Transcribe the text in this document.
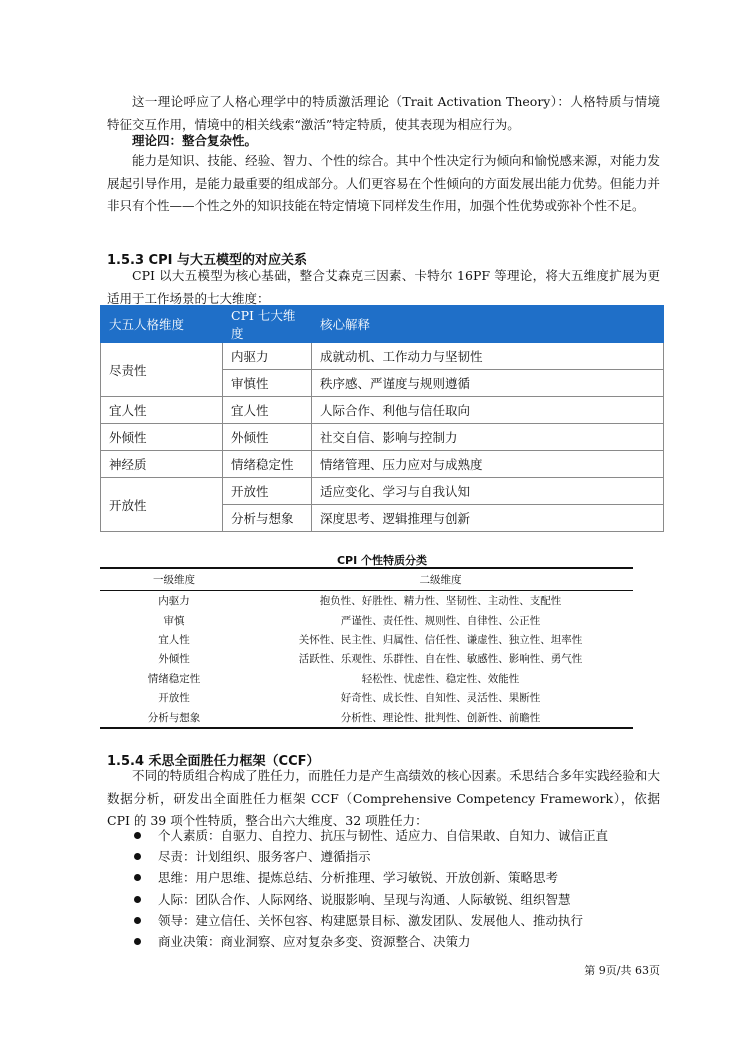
这一理论呼应了人格心理学中的特质激活理论（Trait Activation Theory）：人格特质与情境特征交互作用，情境中的相关线索“激活”特定特质，使其表现为相应行为。

理论四：整合复杂性。

能力是知识、技能、经验、智力、个性的综合。其中个性决定行为倾向和愉悦感来源，对能力发展起引导作用，是能力最重要的组成部分。人们更容易在个性倾向的方面发展出能力优势。但能力并非只有个性——个性之外的知识技能在特定情境下同样发生作用，加强个性优势或弥补个性不足。

1.5.3 CPI 与大五模型的对应关系

CPI 以大五模型为核心基础，整合艾森克三因素、卡特尔 16PF 等理论，将大五维度扩展为更适用于工作场景的七大维度：

大五人格维度	CPI 七大维度	核心解释
尽责性	内驱力	成就动机、工作动力与坚韧性
	审慎性	秩序感、严谨度与规则遵循
宜人性	宜人性	人际合作、利他与信任取向
外倾性	外倾性	社交自信、影响与控制力
神经质	情绪稳定性	情绪管理、压力应对与成熟度
开放性	开放性	适应变化、学习与自我认知
	分析与想象	深度思考、逻辑推理与创新
CPI 个性特质分类
一级维度	二级维度
内驱力	抱负性、好胜性、精力性、坚韧性、主动性、支配性
审慎	严谨性、责任性、规则性、自律性、公正性
宜人性	关怀性、民主性、归属性、信任性、谦虚性、独立性、坦率性
外倾性	活跃性、乐观性、乐群性、自在性、敏感性、影响性、勇气性
情绪稳定性	轻松性、忧虑性、稳定性、效能性
开放性	好奇性、成长性、自知性、灵活性、果断性
分析与想象	分析性、理论性、批判性、创新性、前瞻性
1.5.4 禾思全面胜任力框架（CCF）

不同的特质组合构成了胜任力，而胜任力是产生高绩效的核心因素。禾思结合多年实践经验和大数据分析，研发出全面胜任力框架 CCF（Comprehensive Competency Framework），依据 CPI 的 39 项个性特质，整合出六大维度、32 项胜任力：

个人素质：自驱力、自控力、抗压与韧性、适应力、自信果敢、自知力、诚信正直
尽责：计划组织、服务客户、遵循指示
思维：用户思维、提炼总结、分析推理、学习敏锐、开放创新、策略思考
人际：团队合作、人际网络、说服影响、呈现与沟通、人际敏锐、组织智慧
领导：建立信任、关怀包容、构建愿景目标、激发团队、发展他人、推动执行
商业决策：商业洞察、应对复杂多变、资源整合、决策力
第 9页/共 63页
